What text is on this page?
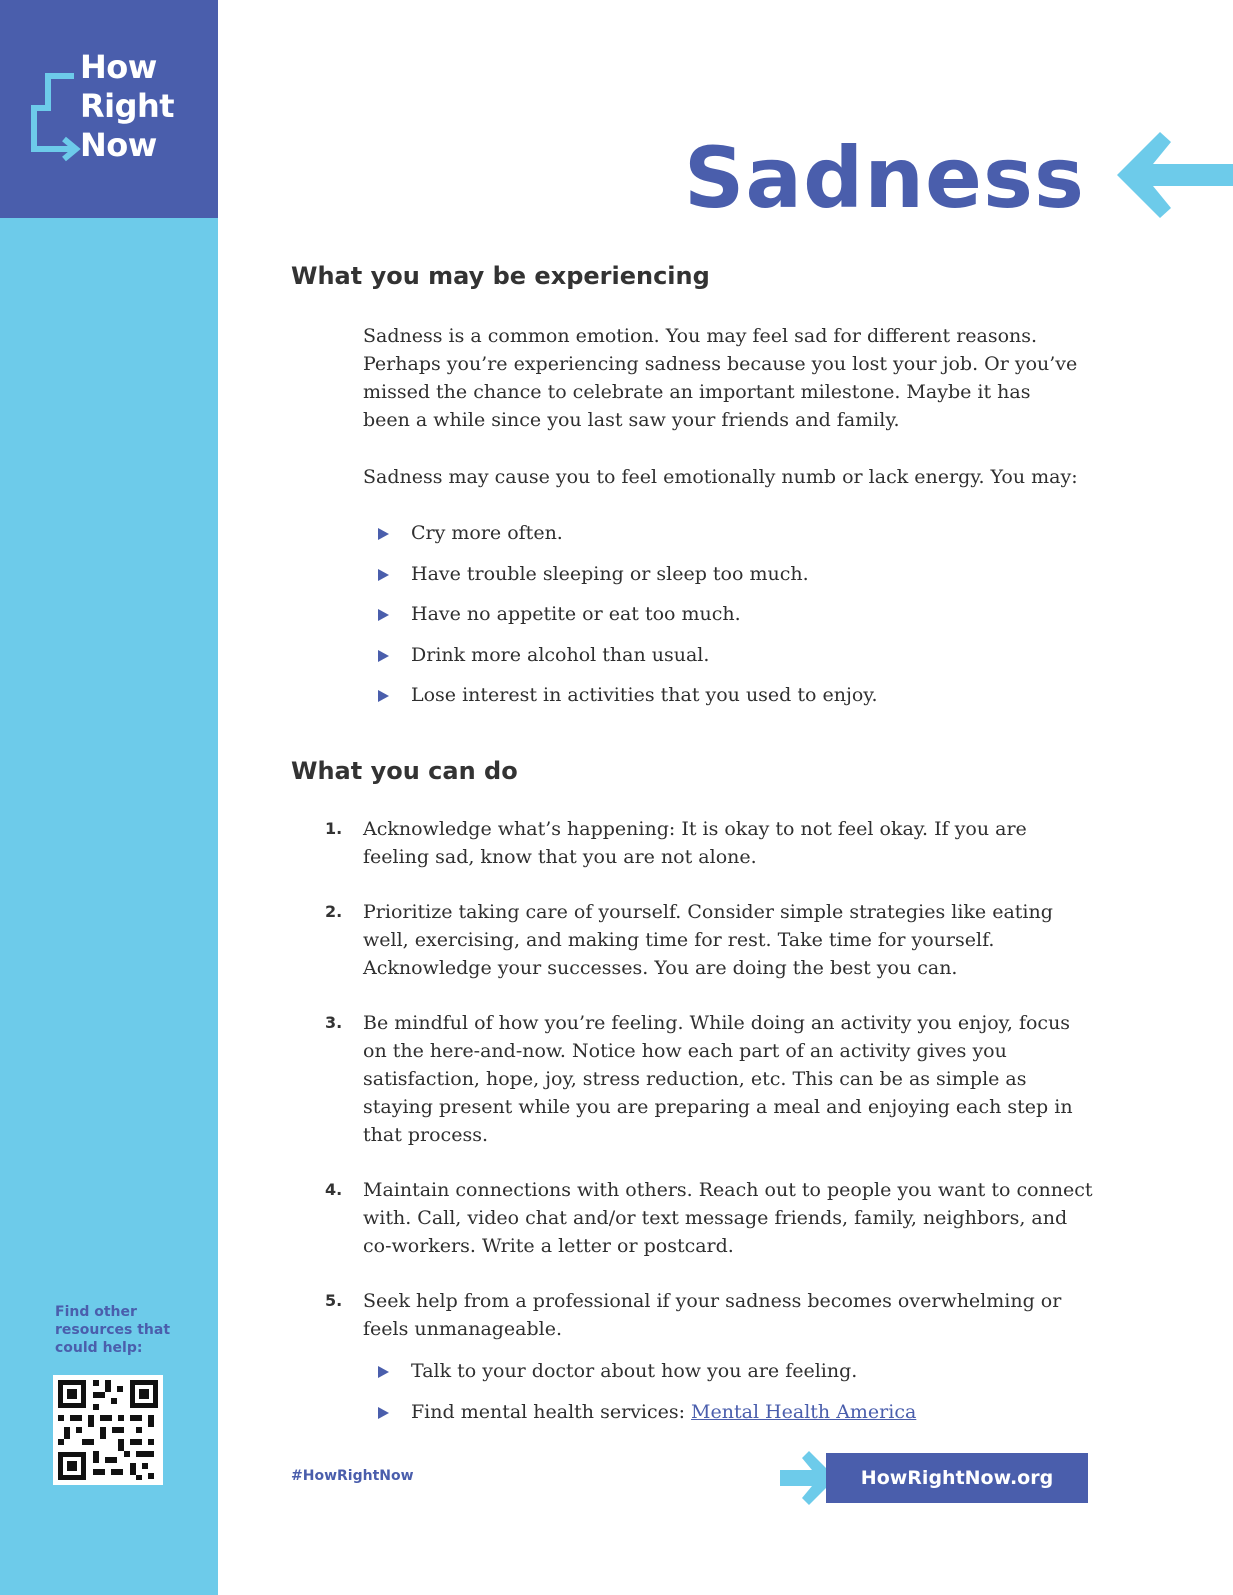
How
Right
Now
Find other resources that could help:
Sadness
What you may be experiencing

Sadness is a common emotion. You may feel sad for different reasons. Perhaps you’re experiencing sadness because you lost your job. Or you’ve missed the chance to celebrate an important milestone. Maybe it has been a while since you last saw your friends and family.

Sadness may cause you to feel emotionally numb or lack energy. You may:

Cry more often.
Have trouble sleeping or sleep too much.
Have no appetite or eat too much.
Drink more alcohol than usual.
Lose interest in activities that you used to enjoy.
What you can do
1. Acknowledge what’s happening: It is okay to not feel okay. If you are feeling sad, know that you are not alone.
2. Prioritize taking care of yourself. Consider simple strategies like eating well, exercising, and making time for rest. Take time for yourself. Acknowledge your successes. You are doing the best you can.
3. Be mindful of how you’re feeling. While doing an activity you enjoy, focus on the here-and-now. Notice how each part of an activity gives you satisfaction, hope, joy, stress reduction, etc. This can be as simple as staying present while you are preparing a meal and enjoying each step in that process.
4. Maintain connections with others. Reach out to people you want to connect with. Call, video chat and/or text message friends, family, neighbors, and co-workers. Write a letter or postcard.
5. Seek help from a professional if your sadness becomes overwhelming or feels unmanageable.
Talk to your doctor about how you are feeling.
Find mental health services: Mental Health America
#HowRightNow	HowRightNow.org
